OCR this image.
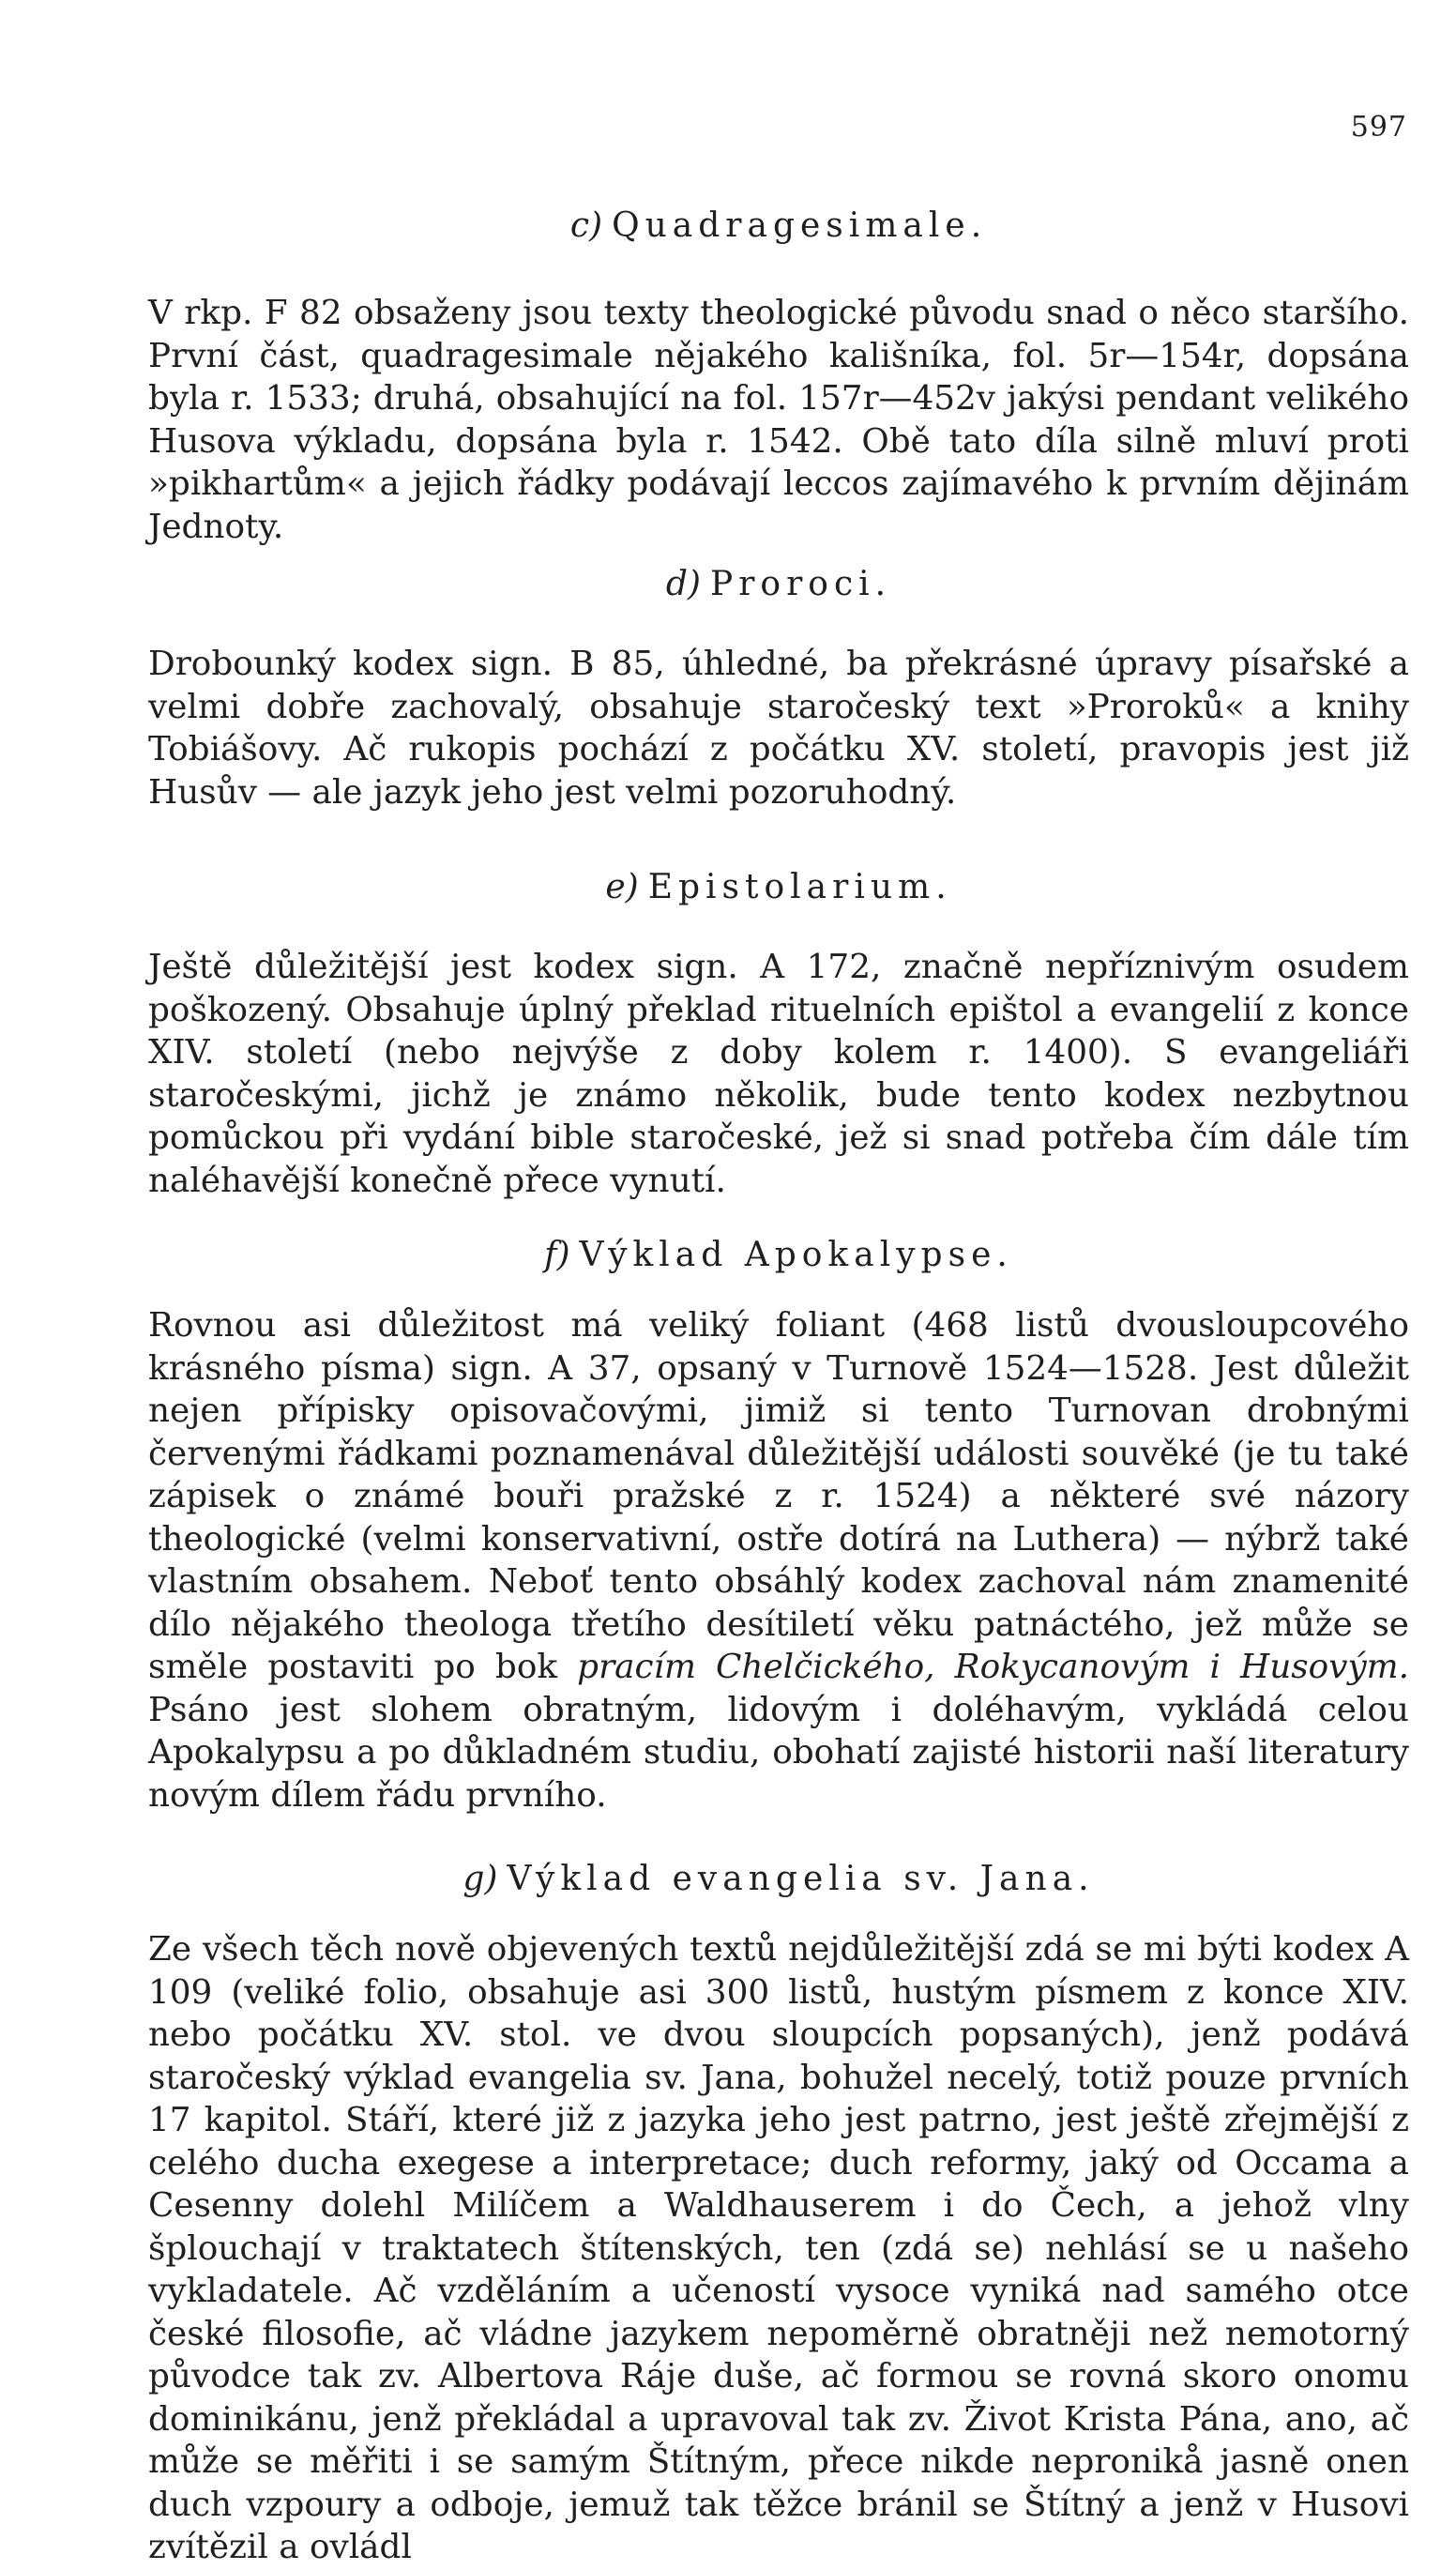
597
c) Quadragesimale.

V rkp. F 82 obsaženy jsou texty theologické původu snad o něco staršího. První část, quadragesimale nějakého kališníka, fol. 5r—154r, dopsána byla r. 1533; druhá, obsahující na fol. 157r—452v jakýsi pendant velikého Husova výkladu, dopsána byla r. 1542. Obě tato díla silně mluví proti »pikhartům« a jejich řádky podávají leccos zajímavého k prvním dějinám Jednoty.

d) Proroci.

Drobounký kodex sign. B 85, úhledné, ba překrásné úpravy písařské a velmi dobře zachovalý, obsahuje staročeský text »Proroků« a knihy Tobiášovy. Ač rukopis pochází z počátku XV. století, pravopis jest již Husův — ale jazyk jeho jest velmi pozoruhodný.

e) Epistolarium.

Ještě důležitější jest kodex sign. A 172, značně nepříznivým osudem poškozený. Obsahuje úplný překlad rituelních epištol a evangelií z konce XIV. století (nebo nejvýše z doby kolem r. 1400). S evangeliáři staročeskými, jichž je známo několik, bude tento kodex nezbytnou pomůckou při vydání bible staročeské, jež si snad potřeba čím dále tím naléhavější konečně přece vynutí.

f) Výklad Apokalypse.

Rovnou asi důležitost má veliký foliant (468 listů dvousloupcového krásného písma) sign. A 37, opsaný v Turnově 1524—1528. Jest důležit nejen přípisky opisovačovými, jimiž si tento Turnovan drobnými červenými řádkami poznamenával důležitější události souvěké (je tu také zápisek o známé bouři pražské z r. 1524) a některé své názory theologické (velmi konservativní, ostře dotírá na Luthera) — nýbrž také vlastním obsahem. Neboť tento obsáhlý kodex zachoval nám znamenité dílo nějakého theologa třetího desítiletí věku patnáctého, jež může se směle postaviti po bok pracím Chelčického, Rokycanovým i Husovým. Psáno jest slohem obratným, lidovým i doléhavým, vykládá celou Apokalypsu a po důkladném studiu, obohatí zajisté historii naší literatury novým dílem řádu prvního.

g) Výklad evangelia sv. Jana.

Ze všech těch nově objevených textů nejdůležitější zdá se mi býti kodex A 109 (veliké folio, obsahuje asi 300 listů, hustým písmem z konce XIV. nebo počátku XV. stol. ve dvou sloupcích popsaných), jenž podává staročeský výklad evangelia sv. Jana, bohužel necelý, totiž pouze prvních 17 kapitol. Stáří, které již z jazyka jeho jest patrno, jest ještě zřejmější z celého ducha exegese a interpretace; duch reformy, jaký od Occama a Cesenny dolehl Milíčem a Waldhauserem i do Čech, a jehož vlny šplouchají v traktatech štítenských, ten (zdá se) nehlásí se u našeho vykladatele. Ač vzděláním a učeností vysoce vyniká nad samého otce české filosofie, ač vládne jazykem nepoměrně obratněji než nemotorný původce tak zv. Albertova Ráje duše, ač formou se rovná skoro onomu dominikánu, jenž překládal a upravoval tak zv. Život Krista Pána, ano, ač může se měřiti i se samým Štítným, přece nikde nepronikå jasně onen duch vzpoury a odboje, jemuž tak těžce bránil se Štítný a jenž v Husovi zvítězil a ovládl
